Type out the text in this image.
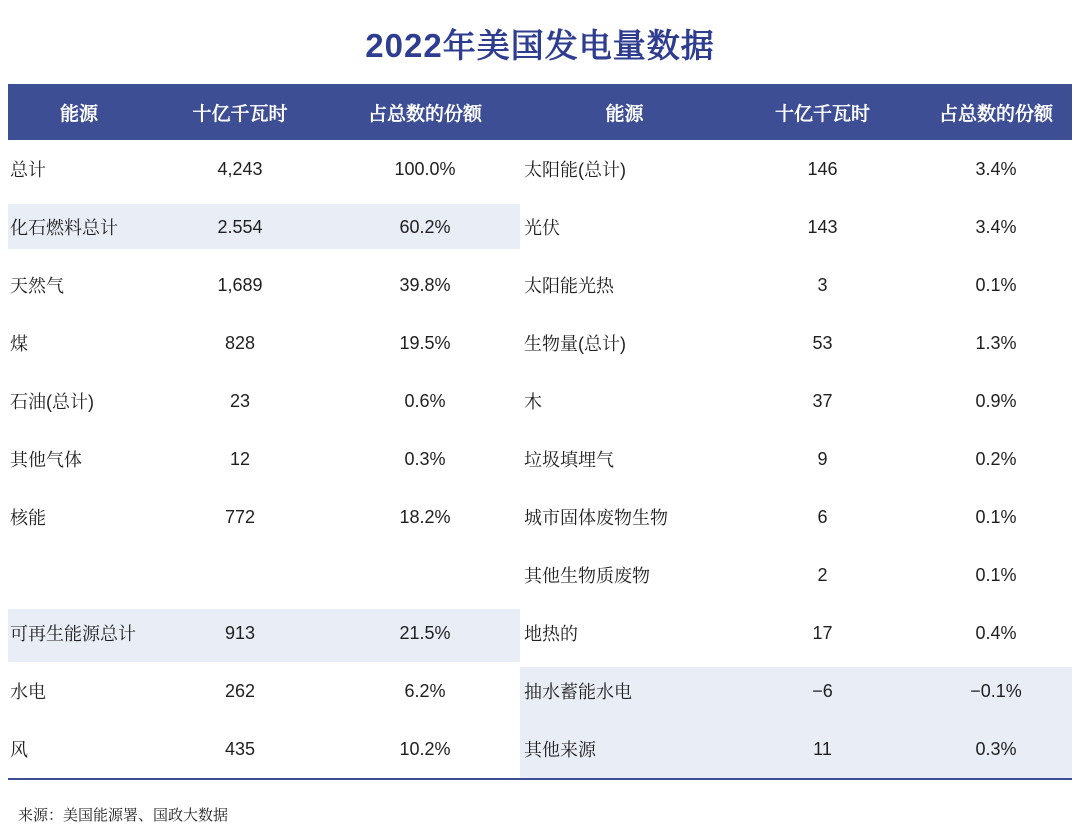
2022年美国发电量数据
能源	十亿千瓦时	占总数的份额
总计	4,243	100.0%
化石燃料总计	2.554	60.2%
天然气	1,689	39.8%
煤	828	19.5%
石油(总计)	23	0.6%
其他气体	12	0.3%
核能	772	18.2%
可再生能源总计	913	21.5%
水电	262	6.2%
风	435	10.2%
能源	十亿千瓦时	占总数的份额
太阳能(总计)	146	3.4%
光伏	143	3.4%
太阳能光热	3	0.1%
生物量(总计)	53	1.3%
木	37	0.9%
垃圾填埋气	9	0.2%
城市固体废物生物	6	0.1%
其他生物质废物	2	0.1%
地热的	17	0.4%
抽水蓄能水电	−6	−0.1%
其他来源	11	0.3%
来源：美国能源署、国政大数据
